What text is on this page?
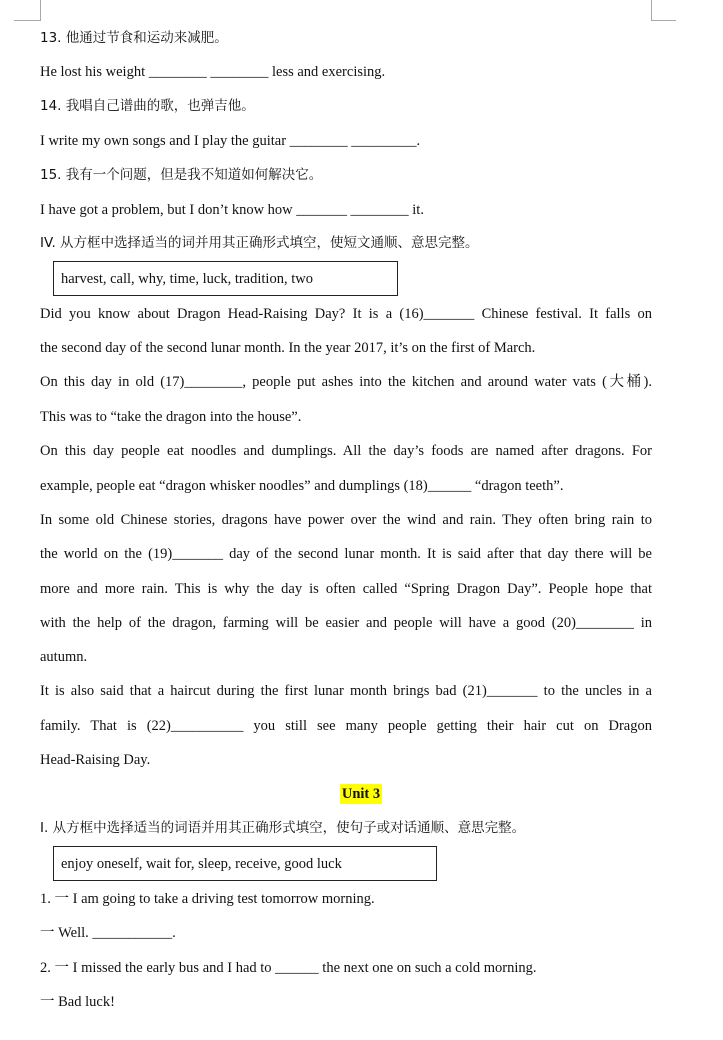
13. 他通过节食和运动来减肥。
He lost his weight ________ ________ less and exercising.
14. 我唱自己谱曲的歌，也弹吉他。
I write my own songs and I play the guitar ________ _________.
15. 我有一个问题，但是我不知道如何解决它。
I have got a problem, but I don’t know how _______ ________ it.
IV. 从方框中选择适当的词并用其正确形式填空，使短文通顺、意思完整。
harvest, call, why, time, luck, tradition, two
Did you know about Dragon Head-Raising Day? It is a (16)_______ Chinese festival. It falls on
the second day of the second lunar month. In the year 2017, it’s on the first of March.
On this day in old (17)________, people put ashes into the kitchen and around water vats (大桶).
This was to “take the dragon into the house”.
On this day people eat noodles and dumplings. All the day’s foods are named after dragons. For
example, people eat “dragon whisker noodles” and dumplings (18)______ “dragon teeth”.
In some old Chinese stories, dragons have power over the wind and rain. They often bring rain to
the world on the (19)_______ day of the second lunar month. It is said after that day there will be
more and more rain. This is why the day is often called “Spring Dragon Day”. People hope that
with the help of the dragon, farming will be easier and people will have a good (20)________ in
autumn.
It is also said that a haircut during the first lunar month brings bad (21)_______ to the uncles in a
family. That is (22)__________ you still see many people getting their hair cut on Dragon
Head-Raising Day.
Unit 3
I. 从方框中选择适当的词语并用其正确形式填空，使句子或对话通顺、意思完整。
enjoy oneself, wait for, sleep, receive, good luck
1. 一 I am going to take a driving test tomorrow morning.
一 Well. ___________.
2. 一 I missed the early bus and I had to ______ the next one on such a cold morning.
一 Bad luck!
